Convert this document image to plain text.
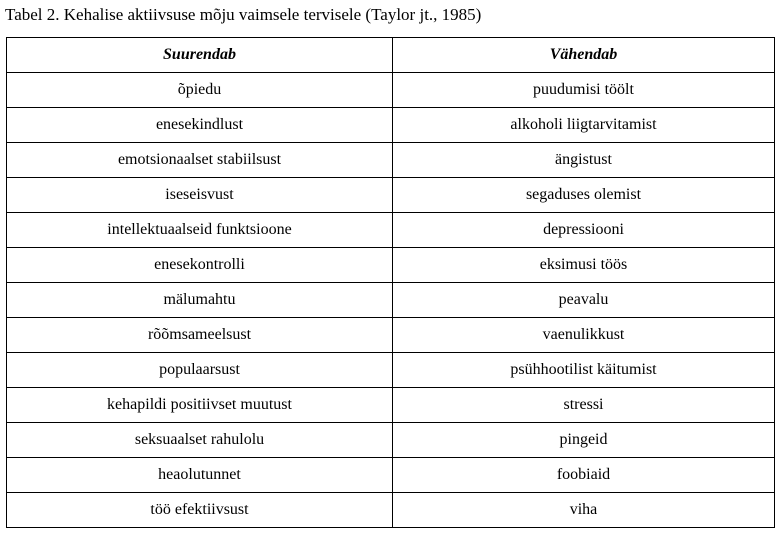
Tabel 2. Kehalise aktiivsuse mõju vaimsele tervisele (Taylor jt., 1985)
Suurendab	Vähendab
õpiedu	puudumisi töölt
enesekindlust	alkoholi liigtarvitamist
emotsionaalset stabiilsust	ängistust
iseseisvust	segaduses olemist
intellektuaalseid funktsioone	depressiooni
enesekontrolli	eksimusi töös
mälumahtu	peavalu
rõõmsameelsust	vaenulikkust
populaarsust	psühhootilist käitumist
kehapildi positiivset muutust	stressi
seksuaalset rahulolu	pingeid
heaolutunnet	foobiaid
töö efektiivsust	viha
